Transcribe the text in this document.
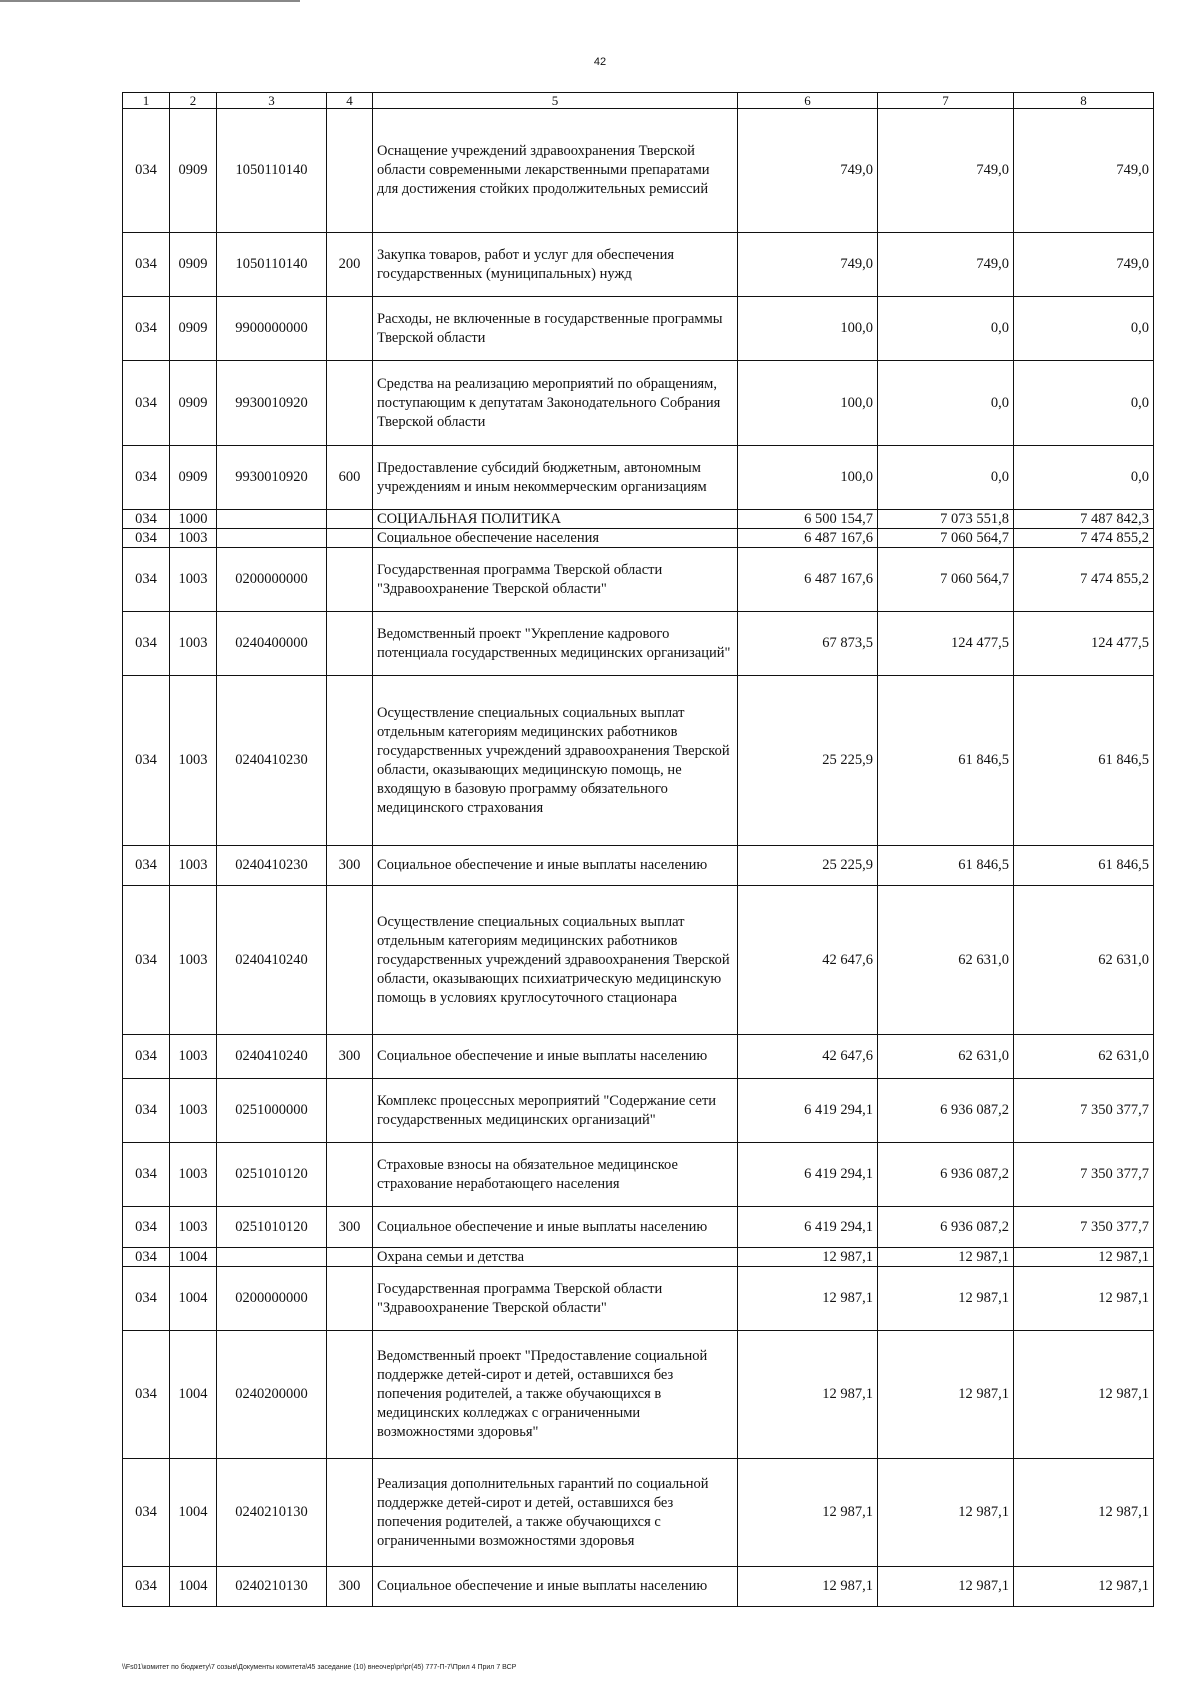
42
1	2	3	4	5	6	7	8
034	0909	1050110140		Оснащение учреждений здравоохранения Тверской области современными лекарственными препаратами для достижения стойких продолжительных ремиссий	749,0	749,0	749,0
034	0909	1050110140	200	Закупка товаров, работ и услуг для обеспечения государственных (муниципальных) нужд	749,0	749,0	749,0
034	0909	9900000000		Расходы, не включенные в государственные программы Тверской области	100,0	0,0	0,0
034	0909	9930010920		Средства на реализацию мероприятий по обращениям, поступающим к депутатам Законодательного Собрания Тверской области	100,0	0,0	0,0
034	0909	9930010920	600	Предоставление субсидий бюджетным, автономным учреждениям и иным некоммерческим организациям	100,0	0,0	0,0
034	1000			СОЦИАЛЬНАЯ ПОЛИТИКА	6 500 154,7	7 073 551,8	7 487 842,3
034	1003			Социальное обеспечение населения	6 487 167,6	7 060 564,7	7 474 855,2
034	1003	0200000000		Государственная программа Тверской области "Здравоохранение Тверской области"	6 487 167,6	7 060 564,7	7 474 855,2
034	1003	0240400000		Ведомственный проект "Укрепление кадрового потенциала государственных медицинских организаций"	67 873,5	124 477,5	124 477,5
034	1003	0240410230		Осуществление специальных социальных выплат отдельным категориям медицинских работников государственных учреждений здравоохранения Тверской области, оказывающих медицинскую помощь, не входящую в базовую программу обязательного медицинского страхования	25 225,9	61 846,5	61 846,5
034	1003	0240410230	300	Социальное обеспечение и иные выплаты населению	25 225,9	61 846,5	61 846,5
034	1003	0240410240		Осуществление специальных социальных выплат отдельным категориям медицинских работников государственных учреждений здравоохранения Тверской области, оказывающих психиатрическую медицинскую помощь в условиях круглосуточного стационара	42 647,6	62 631,0	62 631,0
034	1003	0240410240	300	Социальное обеспечение и иные выплаты населению	42 647,6	62 631,0	62 631,0
034	1003	0251000000		Комплекс процессных мероприятий "Содержание сети государственных медицинских организаций"	6 419 294,1	6 936 087,2	7 350 377,7
034	1003	0251010120		Страховые взносы на обязательное медицинское страхование неработающего населения	6 419 294,1	6 936 087,2	7 350 377,7
034	1003	0251010120	300	Социальное обеспечение и иные выплаты населению	6 419 294,1	6 936 087,2	7 350 377,7
034	1004			Охрана семьи и детства	12 987,1	12 987,1	12 987,1
034	1004	0200000000		Государственная программа Тверской области "Здравоохранение Тверской области"	12 987,1	12 987,1	12 987,1
034	1004	0240200000		Ведомственный проект "Предоставление социальной поддержке детей-сирот и детей, оставшихся без попечения родителей, а также обучающихся в медицинских колледжах с ограниченными возможностями здоровья"	12 987,1	12 987,1	12 987,1
034	1004	0240210130		Реализация дополнительных гарантий по социальной поддержке детей-сирот и детей, оставшихся без попечения родителей, а также обучающихся с ограниченными возможностями здоровья	12 987,1	12 987,1	12 987,1
034	1004	0240210130	300	Социальное обеспечение и иные выплаты населению	12 987,1	12 987,1	12 987,1
\\Fs01\комитет по бюджету\7 созыв\Документы комитета\45 заседание (10) внеочер\рг\рг(45) 777-П-7\Прил 4 Прил 7 ВСР
